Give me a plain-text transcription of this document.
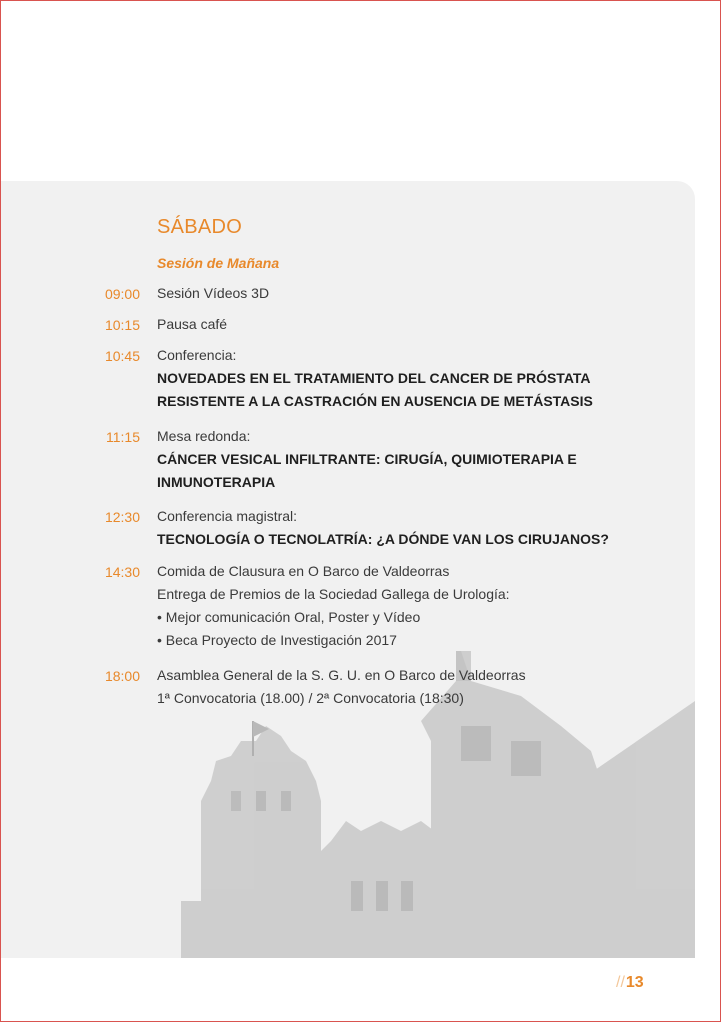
SÁBADO
Sesión de Mañana
09:00 Sesión Vídeos 3D
10:15 Pausa café
10:45 Conferencia:
NOVEDADES EN EL TRATAMIENTO DEL CANCER DE PRÓSTATA
RESISTENTE A LA CASTRACIÓN EN AUSENCIA DE METÁSTASIS
11:15 Mesa redonda:
CÁNCER VESICAL INFILTRANTE: CIRUGÍA, QUIMIOTERAPIA E
INMUNOTERAPIA
12:30 Conferencia magistral:
TECNOLOGÍA O TECNOLATRÍA: ¿A DÓNDE VAN LOS CIRUJANOS?
14:30 Comida de Clausura en O Barco de Valdeorras
Entrega de Premios de la Sociedad Gallega de Urología:
• Mejor comunicación Oral, Poster y Vídeo
• Beca Proyecto de Investigación 2017
18:00 Asamblea General de la S. G. U. en O Barco de Valdeorras
1ª Convocatoria (18.00) / 2ª Convocatoria (18:30)
//13
